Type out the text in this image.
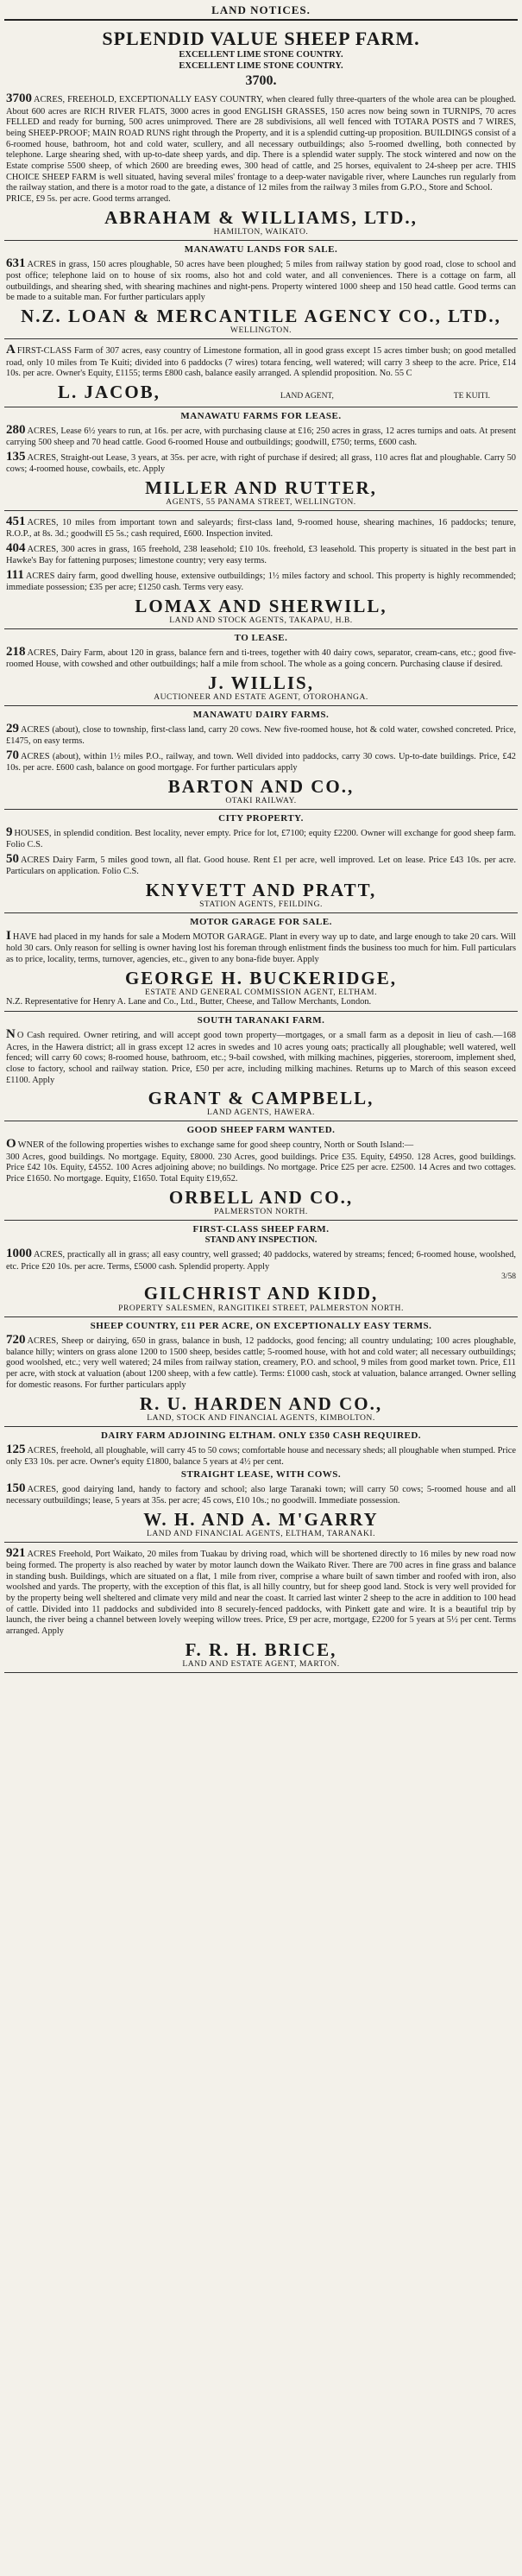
LAND NOTICES.
SPLENDID VALUE SHEEP FARM.
EXCELLENT LIME STONE COUNTRY.
EXCELLENT LIME STONE COUNTRY.
3700.

3700 ACRES, FREEHOLD, EXCEPTIONALLY EASY COUNTRY, when cleared fully three-quarters of the whole area can be ploughed. About 600 acres are RICH RIVER FLATS, 3000 acres in good ENGLISH GRASSES, 150 acres now being sown in TURNIPS, 70 acres FELLED and ready for burning, 500 acres unimproved. There are 28 subdivisions, all well fenced with TOTARA POSTS and 7 WIRES, being SHEEP-PROOF; MAIN ROAD RUNS right through the Property, and it is a splendid cutting-up proposition. BUILDINGS consist of a 6-roomed house, bathroom, hot and cold water, scullery, and all necessary outbuildings; also 5-roomed dwelling, both connected by telephone. Large shearing shed, with up-to-date sheep yards, and dip. There is a splendid water supply. The stock wintered and now on the Estate comprise 5500 sheep, of which 2600 are breeding ewes, 300 head of cattle, and 25 horses, equivalent to 24-sheep per acre. THIS CHOICE SHEEP FARM is well situated, having several miles' frontage to a deep-water navigable river, where Launches run regularly from the railway station, and there is a motor road to the gate, a distance of 12 miles from the railway 3 miles from G.P.O., Store and School.

PRICE, £9 5s. per acre. Good terms arranged.

ABRAHAM & WILLIAMS, LTD.,
HAMILTON, WAIKATO.
MANAWATU LANDS FOR SALE.

631 ACRES in grass, 150 acres ploughable, 50 acres have been ploughed; 5 miles from railway station by good road, close to school and post office; telephone laid on to house of six rooms, also hot and cold water, and all conveniences. There is a cottage on farm, all outbuildings, and shearing shed, with shearing machines and night-pens. Property wintered 1000 sheep and 150 head cattle. Good terms can be made to a suitable man. For further particulars apply

N.Z. LOAN & MERCANTILE AGENCY CO., LTD.,
WELLINGTON.

A FIRST-CLASS Farm of 307 acres, easy country of Limestone formation, all in good grass except 15 acres timber bush; on good metalled road, only 10 miles from Te Kuiti; divided into 6 paddocks (7 wires) totara fencing, well watered; will carry 3 sheep to the acre. Price, £14 10s. per acre. Owner's Equity, £1155; terms £800 cash, balance easily arranged. A splendid proposition. No. 55 C

L. JACOB,	LAND AGENT,	TE KUITI.
MANAWATU FARMS FOR LEASE.

280 ACRES, Lease 6½ years to run, at 16s. per acre, with purchasing clause at £16; 250 acres in grass, 12 acres turnips and oats. At present carrying 500 sheep and 70 head cattle. Good 6-roomed House and outbuildings; goodwill, £750; terms, £600 cash.

135 ACRES, Straight-out Lease, 3 years, at 35s. per acre, with right of purchase if desired; all grass, 110 acres flat and ploughable. Carry 50 cows; 4-roomed house, cowbails, etc. Apply

MILLER AND RUTTER,
AGENTS, 55 PANAMA STREET, WELLINGTON.

451 ACRES, 10 miles from important town and saleyards; first-class land, 9-roomed house, shearing machines, 16 paddocks; tenure, R.O.P., at 8s. 3d.; goodwill £5 5s.; cash required, £600. Inspection invited.

404 ACRES, 300 acres in grass, 165 freehold, 238 leasehold; £10 10s. freehold, £3 leasehold. This property is situated in the best part in Hawke's Bay for fattening purposes; limestone country; very easy terms.

111 ACRES dairy farm, good dwelling house, extensive outbuildings; 1½ miles factory and school. This property is highly recommended; immediate possession; £35 per acre; £1250 cash. Terms very easy.

LOMAX AND SHERWILL,
LAND AND STOCK AGENTS, TAKAPAU, H.B.
TO LEASE.

218 ACRES, Dairy Farm, about 120 in grass, balance fern and ti-trees, together with 40 dairy cows, separator, cream-cans, etc.; good five-roomed House, with cowshed and other outbuildings; half a mile from school. The whole as a going concern. Purchasing clause if desired.

J. WILLIS,
AUCTIONEER AND ESTATE AGENT, OTOROHANGA.
MANAWATU DAIRY FARMS.

29 ACRES (about), close to township, first-class land, carry 20 cows. New five-roomed house, hot & cold water, cowshed concreted. Price, £1475, on easy terms.

70 ACRES (about), within 1½ miles P.O., railway, and town. Well divided into paddocks, carry 30 cows. Up-to-date buildings. Price, £42 10s. per acre. £600 cash, balance on good mortgage. For further particulars apply

BARTON AND CO.,
OTAKI RAILWAY.
CITY PROPERTY.

9 HOUSES, in splendid condition. Best locality, never empty. Price for lot, £7100; equity £2200. Owner will exchange for good sheep farm. Folio C.S.

50 ACRES Dairy Farm, 5 miles good town, all flat. Good house. Rent £1 per acre, well improved. Let on lease. Price £43 10s. per acre. Particulars on application. Folio C.S.

KNYVETT AND PRATT,
STATION AGENTS, FEILDING.
MOTOR GARAGE FOR SALE.

I HAVE had placed in my hands for sale a Modern MOTOR GARAGE. Plant in every way up to date, and large enough to take 20 cars. Will hold 30 cars. Only reason for selling is owner having lost his foreman through enlistment finds the business too much for him. Full particulars as to price, locality, terms, turnover, agencies, etc., given to any bona-fide buyer. Apply

GEORGE H. BUCKERIDGE,
ESTATE AND GENERAL COMMISSION AGENT, ELTHAM.

N.Z. Representative for Henry A. Lane and Co., Ltd., Butter, Cheese, and Tallow Merchants, London.

SOUTH TARANAKI FARM.

N O Cash required. Owner retiring, and will accept good town property—mortgages, or a small farm as a deposit in lieu of cash.—168 Acres, in the Hawera district; all in grass except 12 acres in swedes and 10 acres young oats; practically all ploughable; well watered, well fenced; will carry 60 cows; 8-roomed house, bathroom, etc.; 9-bail cowshed, with milking machines, piggeries, storeroom, implement shed, close to factory, school and railway station. Price, £50 per acre, including milking machines. Returns up to March of this season exceed £1100. Apply

GRANT & CAMPBELL,
LAND AGENTS, HAWERA.
GOOD SHEEP FARM WANTED.

O WNER of the following properties wishes to exchange same for good sheep country, North or South Island:—

300 Acres, good buildings. No mortgage. Equity, £8000. 230 Acres, good buildings. Price £35. Equity, £4950. 128 Acres, good buildings. Price £42 10s. Equity, £4552. 100 Acres adjoining above; no buildings. No mortgage. Price £25 per acre. £2500. 14 Acres and two cottages. Price £1650. No mortgage. Equity, £1650. Total Equity £19,652.

ORBELL AND CO.,
PALMERSTON NORTH.
FIRST-CLASS SHEEP FARM.
STAND ANY INSPECTION.

1000 ACRES, practically all in grass; all easy country, well grassed; 40 paddocks, watered by streams; fenced; 6-roomed house, woolshed, etc. Price £20 10s. per acre. Terms, £5000 cash. Splendid property. Apply

3/58
GILCHRIST AND KIDD,
PROPERTY SALESMEN, RANGITIKEI STREET, PALMERSTON NORTH.
SHEEP COUNTRY, £11 PER ACRE, ON EXCEPTIONALLY EASY TERMS.

720 ACRES, Sheep or dairying, 650 in grass, balance in bush, 12 paddocks, good fencing; all country undulating; 100 acres ploughable, balance hilly; winters on grass alone 1200 to 1500 sheep, besides cattle; 5-roomed house, with hot and cold water; all necessary outbuildings; good woolshed, etc.; very well watered; 24 miles from railway station, creamery, P.O. and school, 9 miles from good market town. Price, £11 per acre, with stock at valuation (about 1200 sheep, with a few cattle). Terms: £1000 cash, stock at valuation, balance arranged. Owner selling for domestic reasons. For further particulars apply

R. U. HARDEN AND CO.,
LAND, STOCK AND FINANCIAL AGENTS, KIMBOLTON.
DAIRY FARM ADJOINING ELTHAM. ONLY £350 CASH REQUIRED.

125 ACRES, freehold, all ploughable, will carry 45 to 50 cows; comfortable house and necessary sheds; all ploughable when stumped. Price only £33 10s. per acre. Owner's equity £1800, balance 5 years at 4½ per cent.

STRAIGHT LEASE, WITH COWS.

150 ACRES, good dairying land, handy to factory and school; also large Taranaki town; will carry 50 cows; 5-roomed house and all necessary outbuildings; lease, 5 years at 35s. per acre; 45 cows, £10 10s.; no goodwill. Immediate possession.

W. H. AND A. M'GARRY
LAND AND FINANCIAL AGENTS, ELTHAM, TARANAKI.

921 ACRES Freehold, Port Waikato, 20 miles from Tuakau by driving road, which will be shortened directly to 16 miles by new road now being formed. The property is also reached by water by motor launch down the Waikato River. There are 700 acres in fine grass and balance in standing bush. Buildings, which are situated on a flat, 1 mile from river, comprise a whare built of sawn timber and roofed with iron, also woolshed and yards. The property, with the exception of this flat, is all hilly country, but for sheep good land. Stock is very well provided for by the property being well sheltered and climate very mild and near the coast. It carried last winter 2 sheep to the acre in addition to 100 head of cattle. Divided into 11 paddocks and subdivided into 8 securely-fenced paddocks, with Pinkett gate and wire. It is a beautiful trip by launch, the river being a channel between lovely weeping willow trees. Price, £9 per acre, mortgage, £2200 for 5 years at 5½ per cent. Terms arranged. Apply

F. R. H. BRICE,
LAND AND ESTATE AGENT, MARTON.
